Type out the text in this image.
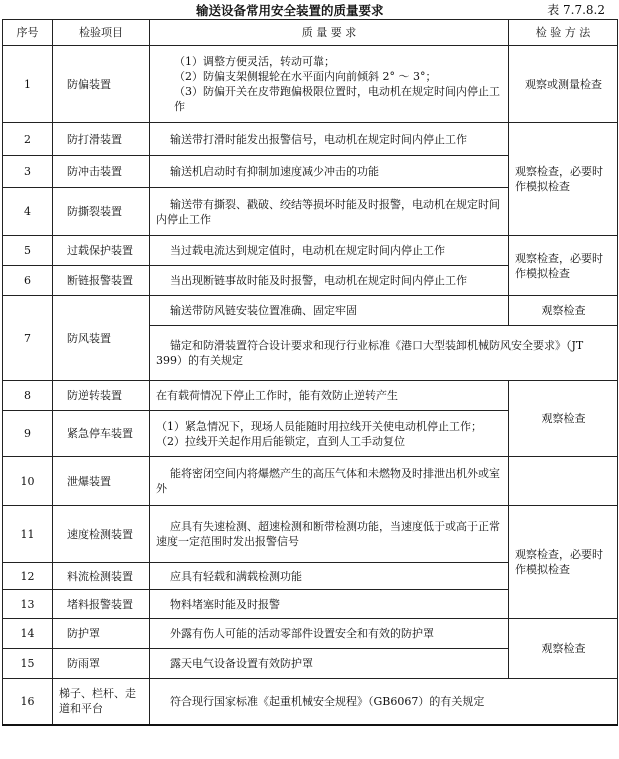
输送设备常用安全装置的质量要求	表 7.7.8.2
序号	检验项目	质 量 要 求	检 验 方 法
1	防偏装置	（1）调整方便灵活，转动可靠；
（2）防偏支架侧辊轮在水平面内向前倾斜 2° ～ 3°；
（3）防偏开关在皮带跑偏极限位置时，电动机在规定时间内停止工作	观察或测量检查
2	防打滑装置	输送带打滑时能发出报警信号，电动机在规定时间内停止工作	观察检查，必要时作模拟检查
3	防冲击装置	输送机启动时有抑制加速度减少冲击的功能	
4	防撕裂装置	输送带有撕裂、戳破、绞结等损坏时能及时报警，电动机在规定时间内停止工作	
5	过载保护装置	当过载电流达到规定值时，电动机在规定时间内停止工作	观察检查，必要时作模拟检查
6	断链报警装置	当出现断链事故时能及时报警，电动机在规定时间内停止工作	
7	防风装置	输送带防风链安装位置准确、固定牢固	观察检查
		锚定和防滑装置符合设计要求和现行行业标准《港口大型装卸机械防风安全要求》（JT 399）的有关规定	
8	防逆转装置	在有载荷情况下停止工作时，能有效防止逆转产生	观察检查
9	紧急停车装置	（1）紧急情况下，现场人员能随时用拉线开关使电动机停止工作；
（2）拉线开关起作用后能锁定，直到人工手动复位	

10	泄爆装置	能将密闭空间内将爆燃产生的高压气体和未燃物及时排泄出机外或室外	
11	速度检测装置	应具有失速检测、超速检测和断带检测功能，当速度低于或高于正常速度一定范围时发出报警信号	观察检查，必要时作模拟检查
12	料流检测装置	应具有轻载和满载检测功能	
13	堵料报警装置	物料堵塞时能及时报警	
14	防护罩	外露有伤人可能的活动零部件设置安全和有效的防护罩	观察检查
15	防雨罩	露天电气设备设置有效防护罩	
16	梯子、栏杆、走道和平台	符合现行国家标准《起重机械安全规程》（GB6067）的有关规定	
